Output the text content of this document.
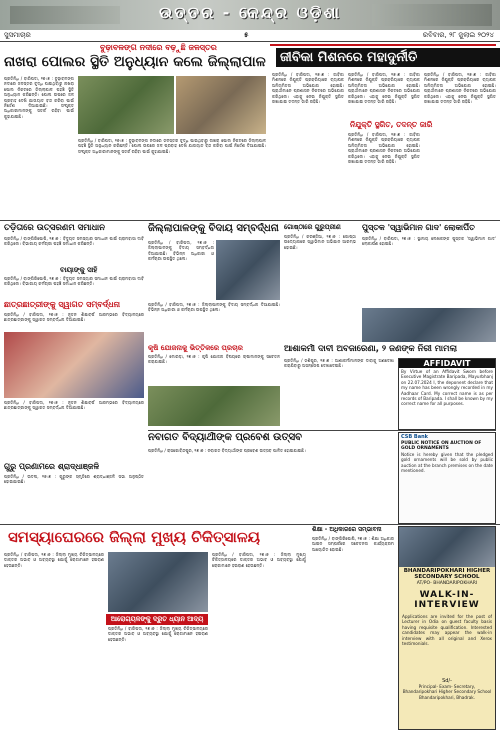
ଉତ୍ତର - କେନ୍ଦ୍ର ଓଡ଼ିଶା
ସୁସମାଚାର	୫	ରବିବାର, ୨୮ ଜୁଲାଇ ୨୦୨୪
ବୁଢ଼ାବଳଙ୍ଗ ନଦୀରେ ବଢ଼ୁଛି ଜଳସ୍ତର
ନାଖରା ପୋଲର ସ୍ଥିତି ଅନୁଧ୍ୟାନ କଲେ ଜିଲ୍ଲାପାଳ
ପ୍ରତିନିଧି / ବାରିପଦା, ୨୭।୭ : ବୁଢ଼ାବଳଙ୍ଗ ନଦୀରେ ଜଳସ୍ତର ବୃଦ୍ଧି ପାଇଥିବାରୁ ନାଖରା ପୋଲ ନିକଟରେ ଜିଲ୍ଲାପାଳ ପହଞ୍ଚି ସ୍ଥିତି ଅନୁଧ୍ୟାନ କରିଛନ୍ତି। ପୋଲ ଉପରେ ଜଳ ପ୍ରବାହ ଦେଖି ଯାତାୟାତ ବନ୍ଦ କରିବା ପାଇଁ ନିର୍ଦ୍ଦେଶ ଦିଆଯାଇଛି। ସଂପୃକ୍ତ ଅଧିକାରୀମାନଙ୍କୁ ସତର୍କ ରହିବା ପାଇଁ କୁହାଯାଇଛି।
ପ୍ରତିନିଧି / ବାରିପଦା, ୨୭।୭ : ବୁଢ଼ାବଳଙ୍ଗ ନଦୀରେ ଜଳସ୍ତର ବୃଦ୍ଧି ପାଇଥିବାରୁ ନାଖରା ପୋଲ ନିକଟରେ ଜିଲ୍ଲାପାଳ ପହଞ୍ଚି ସ୍ଥିତି ଅନୁଧ୍ୟାନ କରିଛନ୍ତି। ପୋଲ ଉପରେ ଜଳ ପ୍ରବାହ ଦେଖି ଯାତାୟାତ ବନ୍ଦ କରିବା ପାଇଁ ନିର୍ଦ୍ଦେଶ ଦିଆଯାଇଛି। ସଂପୃକ୍ତ ଅଧିକାରୀମାନଙ୍କୁ ସତର୍କ ରହିବା ପାଇଁ କୁହାଯାଇଛି।
ଜୀବିକା ମିଶନରେ ମହାଦୁର୍ନୀତି
ପ୍ରତିନିଧି / ବାରିପଦା, ୨୭।୭ : ଜୀବିକା ମିଶନରେ ନିଯୁକ୍ତି ପ୍ରକ୍ରିୟାରେ ବ୍ୟାପକ ଅନିୟମିତତା ଅଭିଯୋଗ ହୋଇଛି। ପ୍ରାର୍ଥୀମାନେ ପ୍ରଶାସନ ନିକଟରେ ଅଭିଯୋଗ କରିଥିଲେ। ଏହାକୁ ନେଇ ନିଯୁକ୍ତି ସ୍ଥଗିତ ରଖାଯାଇ ତଦନ୍ତ ଜାରି ରହିଛି।
ନିଯୁକ୍ତି ସ୍ଥଗିତ, ତଦନ୍ତ ଜାରି
ପ୍ରତିନିଧି / ବାରିପଦା, ୨୭।୭ : ଜୀବିକା ମିଶନରେ ନିଯୁକ୍ତି ପ୍ରକ୍ରିୟାରେ ବ୍ୟାପକ ଅନିୟମିତତା ଅଭିଯୋଗ ହୋଇଛି। ପ୍ରାର୍ଥୀମାନେ ପ୍ରଶାସନ ନିକଟରେ ଅଭିଯୋଗ କରିଥିଲେ। ଏହାକୁ ନେଇ ନିଯୁକ୍ତି ସ୍ଥଗିତ ରଖାଯାଇ ତଦନ୍ତ ଜାରି ରହିଛି।
ପ୍ରତିନିଧି / ବାରିପଦା, ୨୭।୭ : ଜୀବିକା ମିଶନରେ ନିଯୁକ୍ତି ପ୍ରକ୍ରିୟାରେ ବ୍ୟାପକ ଅନିୟମିତତା ଅଭିଯୋଗ ହୋଇଛି। ପ୍ରାର୍ଥୀମାନେ ପ୍ରଶାସନ ନିକଟରେ ଅଭିଯୋଗ କରିଥିଲେ। ଏହାକୁ ନେଇ ନିଯୁକ୍ତି ସ୍ଥଗିତ ରଖାଯାଇ ତଦନ୍ତ ଜାରି ରହିଛି।
ପ୍ରତିନିଧି / ବାରିପଦା, ୨୭।୭ : ଜୀବିକା ମିଶନରେ ନିଯୁକ୍ତି ପ୍ରକ୍ରିୟାରେ ବ୍ୟାପକ ଅନିୟମିତତା ଅଭିଯୋଗ ହୋଇଛି। ପ୍ରାର୍ଥୀମାନେ ପ୍ରଶାସନ ନିକଟରେ ଅଭିଯୋଗ କରିଥିଲେ। ଏହାକୁ ନେଇ ନିଯୁକ୍ତି ସ୍ଥଗିତ ରଖାଯାଇ ତଦନ୍ତ ଜାରି ରହିଛି।
ତଡ଼ିତାରେ ଉତ୍ସରଣମ ସମାଧାନ
ପ୍ରତିନିଧି / ବାଙ୍ଗିରିପୋଷି, ୨୭।୭ : ବିଦ୍ୟୁତ ସମସ୍ୟାର ସମାଧାନ ପାଇଁ ଗ୍ରାମବାସୀ ଦାବି କରିଥିଲେ। ବିଭାଗୀୟ କର୍ମଚାରୀ ପହଞ୍ଚି ସମାଧାନ କରିଛନ୍ତି।
ବାୟାଙ୍କୁ ସାହି
ପ୍ରତିନିଧି / ବାଙ୍ଗିରିପୋଷି, ୨୭।୭ : ବିଦ୍ୟୁତ ସମସ୍ୟାର ସମାଧାନ ପାଇଁ ଗ୍ରାମବାସୀ ଦାବି କରିଥିଲେ। ବିଭାଗୀୟ କର୍ମଚାରୀ ପହଞ୍ଚି ସମାଧାନ କରିଛନ୍ତି।
ଛାତ୍ରଛାତ୍ରୀଙ୍କୁ ସ୍ୱାଗତ ସମ୍ବର୍ଦ୍ଧନା
ପ୍ରତିନିଧି / ବାରିପଦା, ୨୭।୭ : ନୂତନ ଶିକ୍ଷାବର୍ଷ ଆରମ୍ଭରେ ବିଦ୍ୟାଳୟରେ ଛାତ୍ରଛାତ୍ରୀଙ୍କୁ ସ୍ୱାଗତ ସମ୍ବର୍ଦ୍ଧନା ଦିଆଯାଇଛି।
ପ୍ରତିନିଧି / ବାରିପଦା, ୨୭।୭ : ନୂତନ ଶିକ୍ଷାବର୍ଷ ଆରମ୍ଭରେ ବିଦ୍ୟାଳୟରେ ଛାତ୍ରଛାତ୍ରୀଙ୍କୁ ସ୍ୱାଗତ ସମ୍ବର୍ଦ୍ଧନା ଦିଆଯାଇଛି।
ଗୁରୁ ପ୍ରଣାମରେ ଶ୍ରାଦ୍ଧାଞ୍ଜଳି
ପ୍ରତିନିଧି / ଉଦଳା, ୨୭।୭ : ଗୁରୁଙ୍କ ସ୍ମୃତିରେ ଶ୍ରାଦ୍ଧାଞ୍ଜଳି ସଭା ଅନୁଷ୍ଠିତ ହୋଇଯାଇଛି।
ଜିଲ୍ଲାପାଳଙ୍କୁ ବିଦାୟ ସମ୍ବର୍ଦ୍ଧନା
ପ୍ରତିନିଧି / ବାରିପଦା, ୨୭।୭ : ଜିଲ୍ଲାପାଳଙ୍କୁ ବିଦାୟ ସମ୍ବର୍ଦ୍ଧନା ଦିଆଯାଇଛି। ବିଭିନ୍ନ ଅଧିକାରୀ ଓ କର୍ମଚାରୀ ଉପସ୍ଥିତ ଥିଲେ।
ପ୍ରତିନିଧି / ବାରିପଦା, ୨୭।୭ : ଜିଲ୍ଲାପାଳଙ୍କୁ ବିଦାୟ ସମ୍ବର୍ଦ୍ଧନା ଦିଆଯାଇଛି। ବିଭିନ୍ନ ଅଧିକାରୀ ଓ କର୍ମଚାରୀ ଉପସ୍ଥିତ ଥିଲେ।
କୃଷି ଯୋଜନାକୁ ଭିତ୍ତିକରେ ପ୍ରଚାର
ପ୍ରତିନିଧି / ମୋରଡ଼ା, ୨୭।୭ : କୃଷି ଯୋଜନା ବିଷୟରେ ଚାଷୀମାନଙ୍କୁ ସଚେତନ କରାଯାଇଛି।
ଗୋଷ୍ଠୀରେ ଗୁରୁପ୍ରୀଣ
ପ୍ରତିନିଧି / କରଞ୍ଜିଆ, ୨୭।୭ : ଗୋଷ୍ଠୀ ଉଦ୍ୟୋଗରେ ସ୍ୱାଭିମାନ ଅଭିଯାନ ଆରମ୍ଭ ହୋଇଛି।
ପୁସ୍ତକ 'ସ୍ୱାଭିମାନ ଗାଦ' ଲୋକାର୍ପିତ
ପ୍ରତିନିଧି / ବାରିପଦା, ୨୭।୭ : ସ୍ଥାନୀୟ ଲେଖକଙ୍କ ପୁସ୍ତକ 'ସ୍ୱାଭିମାନ ଗାଦ' ଲୋକାର୍ପଣ ହୋଇଛି।
ଆଶାକର୍ମୀ ଦାବୀ ଅବଜାରେଣା, ୨ ଜଣଙ୍କ ନିରୀ ମାମଲା
ପ୍ରତିନିଧି / ଜଶିପୁର, ୨୭।୭ : ଆଶାକର୍ମୀମାନଙ୍କ ଦାବୀକୁ ଅଣଦେଖା କରାଯିବାରୁ ଅସନ୍ତୋଷ ଦେଖାଦେଇଛି।	AFFIDAVIT
By Virtue of an Affidavit Sworn before Executive Magistrate Baripada, Mayurbhanj on 22.07.2024 I, the deponent declare that my name has been wrongly recorded in my Aadhaar Card. My correct name is as per records of Baripada. I shall be known by my correct name for all purposes.
ନବାଗତ ବିଦ୍ୟାର୍ଥୀଙ୍କ ପ୍ରବେଶ ଉତ୍ସବ
ପ୍ରତିନିଧି / ରାସଗୋବିନ୍ଦପୁର, ୨୭।୭ : ନବାଗତ ବିଦ୍ୟାର୍ଥୀଙ୍କ ପ୍ରବେଶ ଉତ୍ସବ ପାଳିତ ହୋଇଯାଇଛି।
CSB Bank
PUBLIC NOTICE ON AUCTION OF GOLD ORNAMENTS
Notice is hereby given that the pledged gold ornaments will be sold by public auction at the branch premises on the date mentioned.
ସମସ୍ୟାଘେରରେ ଜିଲ୍ଲା ମୁଖ୍ୟ ଚିକିତ୍ସାଳୟ
ପ୍ରତିନିଧି / ବାରିପଦା, ୨୭।୭ : ଜିଲ୍ଲା ମୁଖ୍ୟ ଚିକିତ୍ସାଳୟରେ ଡାକ୍ତର ଅଭାବ ଓ ଅବ୍ୟବସ୍ଥା ଯୋଗୁଁ ରୋଗୀମାନେ ହଇରାଣ ହେଉଛନ୍ତି।
ଆରୋଗ୍ୟଳଙ୍କୁ ଦ୍ରୁତ ଧ୍ୟାନ ଆଦ୍ୟ
ପ୍ରତିନିଧି / ବାରିପଦା, ୨୭।୭ : ଜିଲ୍ଲା ମୁଖ୍ୟ ଚିକିତ୍ସାଳୟରେ ଡାକ୍ତର ଅଭାବ ଓ ଅବ୍ୟବସ୍ଥା ଯୋଗୁଁ ରୋଗୀମାନେ ହଇରାଣ ହେଉଛନ୍ତି।
ପ୍ରତିନିଧି / ବାରିପଦା, ୨୭।୭ : ଜିଲ୍ଲା ମୁଖ୍ୟ ଚିକିତ୍ସାଳୟରେ ଡାକ୍ତର ଅଭାବ ଓ ଅବ୍ୟବସ୍ଥା ଯୋଗୁଁ ରୋଗୀମାନେ ହଇରାଣ ହେଉଛନ୍ତି।
ଶିକ୍ଷା - ଅଧିକାରରେ ସମ୍ଭାବନା
ପ୍ରତିନିଧି / ବାଙ୍ଗିରିପୋଷି, ୨୭।୭ : ଶିକ୍ଷା ଅଧିକାର ଆଇନ ସମ୍ପର୍କରେ ସଚେତନତା କାର୍ଯ୍ୟକ୍ରମ ଆୟୋଜିତ ହୋଇଛି।
BHANDARIPOKHARI HIGHER SECONDARY SCHOOL
AT/PO- BHANDARIPOKHARI
WALK-IN- INTERVIEW
Applications are invited for the post of Lecturer in Odia on guest faculty basis having requisite qualification. Interested candidates may appear the walk-in interview with all original and Xerox testimonials.
Sd/-
Principal- Exam- Secretary, Bhandaripokhari Higher Secondary School Bhandaripokhari, Bhadrak.
